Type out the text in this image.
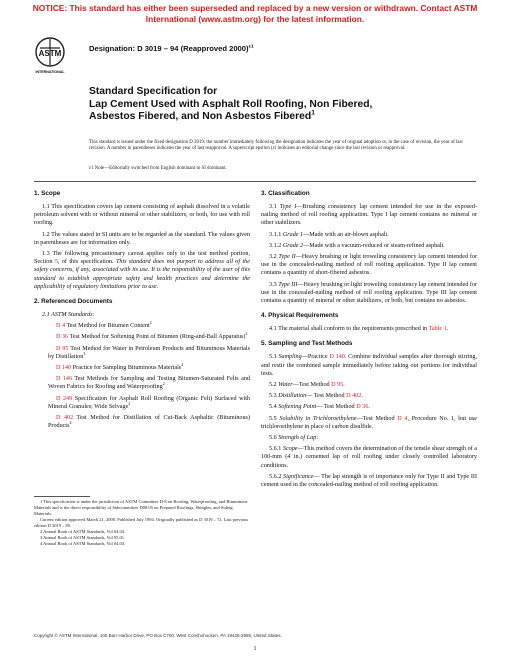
NOTICE: This standard has either been superseded and replaced by a new version or withdrawn. Contact ASTM
International (www.astm.org) for the latest information.
ASTM
INTERNATIONAL
Designation: D 3019 – 94 (Reapproved 2000)$^{\varepsilon 1}$
Standard Specification for
Lap Cement Used with Asphalt Roll Roofing, Non Fibered,
Asbestos Fibered, and Non Asbestos Fibered$^1$
This standard is issued under the fixed designation D 3019; the number immediately following the designation indicates the year of original adoption or, in the case of revision, the year of last revision. A number in parentheses indicates the year of last reapproval. A superscript epsilon (ε) indicates an editorial change since the last revision or reapproval.
ε1 Note—Editorially switched from English dominant to SI dominant.
1. Scope

1.1 This specification covers lap cement consisting of asphalt dissolved in a volatile petroleum solvent with or without mineral or other stabilizers, or both, for use with roll roofing.

1.2 The values stated in SI units are to be regarded as the standard. The values given in parentheses are for information only.

1.3 The following precautionary caveat applies only to the test method portion, Section 5, of this specification. This standard does not purport to address all of the safety concerns, if any, associated with its use. It is the responsibility of the user of this standard to establish appropriate safety and health practices and determine the applicability of regulatory limitations prior to use.

2. Referenced Documents

2.1 ASTM Standards:

D 4 Test Method for Bitumen Content$^2$

D 36 Test Method for Softening Point of Bitumen (Ring-and-Ball Apparatus)$^2$

D 95 Test Method for Water in Petroleum Products and Bituminous Materials by Distillation$^3$

D 140 Practice for Sampling Bituminous Materials$^4$

D 146 Test Methods for Sampling and Testing Bitumen-Saturated Felts and Woven Fabrics for Roofing and Waterproofing$^2$

D 249 Specification for Asphalt Roll Roofing (Organic Felt) Surfaced with Mineral Granules; Wide Selvage$^2$

D 402 Test Method for Distillation of Cut-Back Asphaltic (Bituminous) Products$^4$

1 This specification is under the jurisdiction of ASTM Committee D-8 on Roofing, Waterproofing, and Bituminous Materials and is the direct responsibility of Subcommittee D08.05 on Prepared Roofings, Shingles, and Siding Materials.

Current edition approved March 21, 2000. Published July 1994. Originally published as D 3019 – 72. Last previous edition D 3019 – 85.

2 Annual Book of ASTM Standards, Vol 04.04.

3 Annual Book of ASTM Standards, Vol 05.01.

4 Annual Book of ASTM Standards, Vol 04.03.

3. Classification

3.1 Type I—Brushing consistency lap cement intended for use in the exposed-nailing method of roll roofing application. Type I lap cement contains no mineral or other stabilizers.

3.1.1 Grade 1—Made with an air-blown asphalt.

3.1.2 Grade 2—Made with a vacuum-reduced or steam-refined asphalt.

3.2 Type II—Heavy brushing or light troweling consistency lap cement intended for use in the concealed-nailing method of roll roofing application. Type II lap cement contains a quantity of short-fibered asbestos.

3.3 Type III—Heavy brushing or light troweling consistency lap cement intended for use in the concealed-nailing method of roll roofing application. Type III lap cement contains a quantity of mineral or other stabilizers, or both, but contains no asbestos.

4. Physical Requirements

4.1 The material shall conform to the requirements prescribed in Table 1.

5. Sampling and Test Methods

5.1 Sampling—Practice D 140. Combine individual samples after thorough stirring, and restir the combined sample immediately before taking out portions for individual tests.

5.2 Water—Test Method D 95.

5.3 Distillation— Test Method D 402.

5.4 Softening Point— Test Method D 36.

5.5 Solubility in Trichloroethylene—Test Method D 4, Procedure No. 1, but use trichloroethylene in place of carbon disulfide.

5.6 Strength of Lap:

5.6.1 Scope—This method covers the determination of the tensile shear strength of a 100-mm (4 in.) cemented lap of roll roofing under closely controlled laboratory conditions.

5.6.2 Significance— The lap strength is of importance only for Type II and Type III cement used in the concealed-nailing method of roll roofing application.

Copyright © ASTM International, 100 Barr Harbor Drive, PO Box C700, West Conshohocken, PA 19428-2959, United States.
1
